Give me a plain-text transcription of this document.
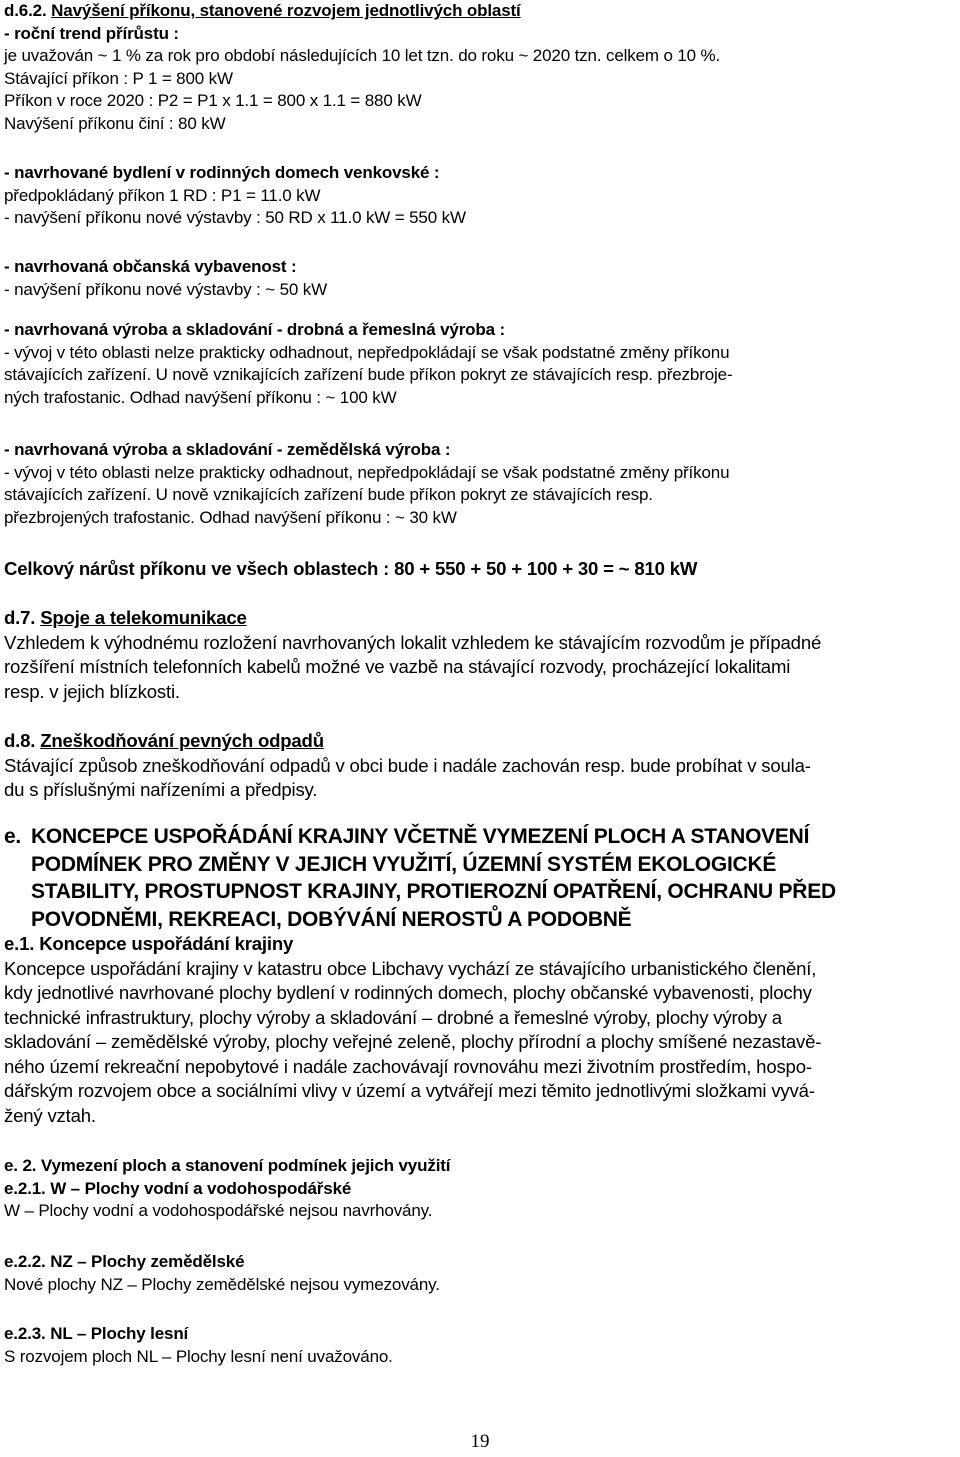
d.6.2. Navýšení příkonu, stanovené rozvojem jednotlivých oblastí
- roční trend přírůstu :
je uvažován ~ 1 % za rok pro období následujících 10 let tzn. do roku ~ 2020 tzn. celkem o 10 %.
Stávající příkon : P 1 = 800 kW
Příkon v roce 2020 : P2 = P1 x 1.1 = 800 x 1.1 = 880 kW
Navýšení příkonu činí : 80 kW
- navrhované bydlení v rodinných domech venkovské :
předpokládaný příkon 1 RD : P1 = 11.0 kW
- navýšení příkonu nové výstavby : 50 RD x 11.0 kW = 550 kW
- navrhovaná občanská vybavenost :
- navýšení příkonu nové výstavby : ~ 50 kW
- navrhovaná výroba a skladování - drobná a řemeslná výroba :
- vývoj v této oblasti nelze prakticky odhadnout, nepředpokládají se však podstatné změny příkonu
stávajících zařízení. U nově vznikajících zařízení bude příkon pokryt ze stávajících resp. přezbroje-
ných trafostanic. Odhad navýšení příkonu : ~ 100 kW
- navrhovaná výroba a skladování - zemědělská výroba :
- vývoj v této oblasti nelze prakticky odhadnout, nepředpokládají se však podstatné změny příkonu
stávajících zařízení. U nově vznikajících zařízení bude příkon pokryt ze stávajících resp.
přezbrojených trafostanic. Odhad navýšení příkonu : ~ 30 kW
Celkový nárůst příkonu ve všech oblastech : 80 + 550 + 50 + 100 + 30 = ~ 810 kW
d.7. Spoje a telekomunikace
Vzhledem k výhodnému rozložení navrhovaných lokalit vzhledem ke stávajícím rozvodům je případné
rozšíření místních telefonních kabelů možné ve vazbě na stávající rozvody, procházející lokalitami
resp. v jejich blízkosti.
d.8. Zneškodňování pevných odpadů
Stávající způsob zneškodňování odpadů v obci bude i nadále zachován resp. bude probíhat v soula-
du s příslušnými nařízeními a předpisy.
e. KONCEPCE USPOŘÁDÁNÍ KRAJINY VČETNĚ VYMEZENÍ PLOCH A STANOVENÍ
PODMÍNEK PRO ZMĚNY V JEJICH VYUŽITÍ, ÚZEMNÍ SYSTÉM EKOLOGICKÉ
STABILITY, PROSTUPNOST KRAJINY, PROTIEROZNÍ OPATŘENÍ, OCHRANU PŘED
POVODNĚMI, REKREACI, DOBÝVÁNÍ NEROSTŮ A PODOBNĚ
e.1. Koncepce uspořádání krajiny
Koncepce uspořádání krajiny v katastru obce Libchavy vychází ze stávajícího urbanistického členění,
kdy jednotlivé navrhované plochy bydlení v rodinných domech, plochy občanské vybavenosti, plochy
technické infrastruktury, plochy výroby a skladování – drobné a řemeslné výroby, plochy výroby a
skladování – zemědělské výroby, plochy veřejné zeleně, plochy přírodní a plochy smíšené nezastavě-
ného území rekreační nepobytové i nadále zachovávají rovnováhu mezi životním prostředím, hospo-
dářským rozvojem obce a sociálními vlivy v území a vytvářejí mezi těmito jednotlivými složkami vyvá-
žený vztah.
e. 2. Vymezení ploch a stanovení podmínek jejich využití
e.2.1. W – Plochy vodní a vodohospodářské
W – Plochy vodní a vodohospodářské nejsou navrhovány.
e.2.2. NZ – Plochy zemědělské
Nové plochy NZ – Plochy zemědělské nejsou vymezovány.
e.2.3. NL – Plochy lesní
S rozvojem ploch NL – Plochy lesní není uvažováno.
19
